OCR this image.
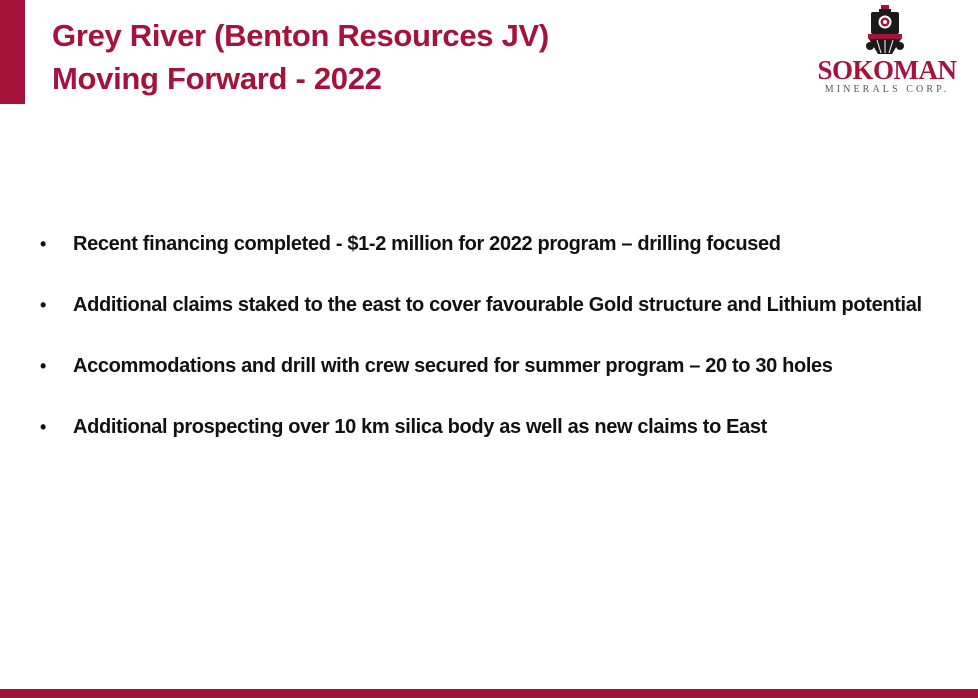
Grey River (Benton Resources JV)
Moving Forward - 2022	SOKOMAN
MINERALS CORP.
•	Recent financing completed - $1-2 million for 2022 program – drilling focused
•	Additional claims staked to the east to cover favourable Gold structure and Lithium potential
•	Accommodations and drill with crew secured for summer program – 20 to 30 holes
•	Additional prospecting over 10 km silica body as well as new claims to East
